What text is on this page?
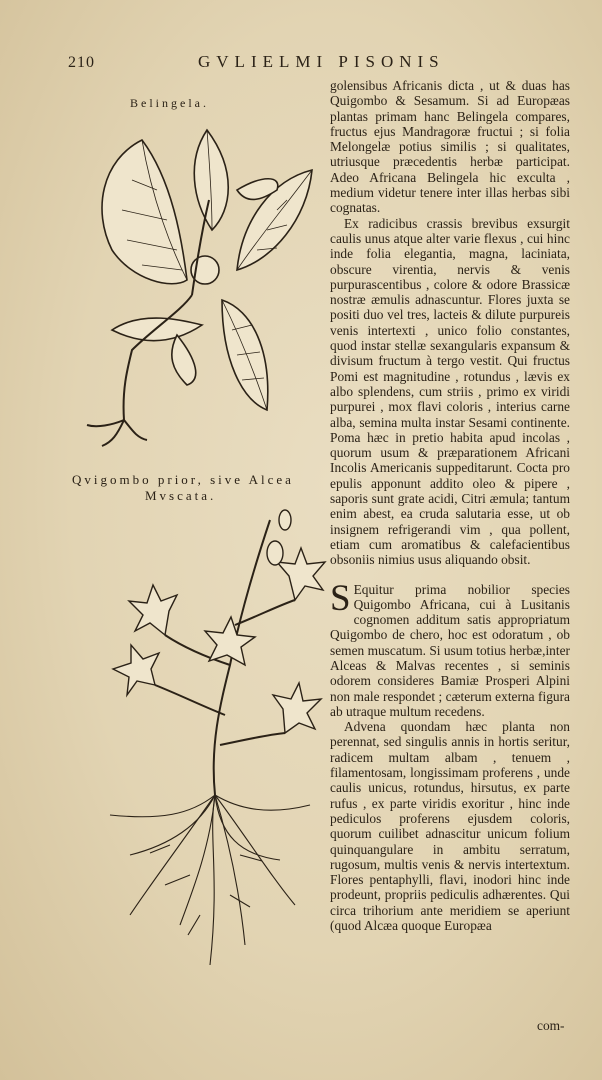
210	GVLIELMI PISONIS
Belingela.
Qvigombo prior, sive Alcea
Mvscata.

golensibus Africanis dicta , ut & duas has Quigombo & Sesamum. Si ad Europæas plantas primam hanc Belingela compares, fructus ejus Mandragoræ fructui ; si folia Melongelæ potius similis ; si qualitates, utriusque præcedentis herbæ participat. Adeo Africana Belingela hic exculta , medium videtur tenere inter illas herbas sibi cognatas.

Ex radicibus crassis brevibus exsurgit caulis unus atque alter varie flexus , cui hinc inde folia elegantia, magna, laciniata, obscure virentia, nervis & venis purpurascentibus , colore & odore Brassicæ nostræ æmulis adnascuntur. Flores juxta se positi duo vel tres, lacteis & dilute purpureis venis intertexti , unico folio constantes, quod instar stellæ sexangularis expansum & divisum fructum à tergo vestit. Qui fructus Pomi est magnitudine , rotundus , lævis ex albo splendens, cum striis , primo ex viridi purpurei , mox flavi coloris , interius carne alba, semina multa instar Sesami continente. Poma hæc in pretio habita apud incolas , quorum usum & præparationem Africani Incolis Americanis suppeditarunt. Cocta pro epulis apponunt addito oleo & pipere , saporis sunt grate acidi, Citri æmula; tantum enim abest, ea cruda salutaria esse, ut ob insignem refrigerandi vim , qua pollent, etiam cum aromatibus & calefacientibus obsoniis nimius usus aliquando obsit.

S Equitur prima nobilior species Quigombo Africana, cui à Lusitanis cognomen additum satis appropriatum Quigombo de chero, hoc est odoratum , ob semen muscatum. Si usum totius herbæ,inter Alceas & Malvas recentes , si seminis odorem consideres Bamiæ Prosperi Alpini non male respondet ; cæterum externa figura ab utraque multum recedens.

Advena quondam hæc planta non perennat, sed singulis annis in hortis seritur, radicem multam albam , tenuem , filamentosam, longissimam proferens , unde caulis unicus, rotundus, hirsutus, ex parte rufus , ex parte viridis exoritur , hinc inde pediculos proferens ejusdem coloris, quorum cuilibet adnascitur unicum folium quinquangulare in ambitu serratum, rugosum, multis venis & nervis intertextum. Flores pentaphylli, flavi, inodori hinc inde prodeunt, propriis pediculis adhærentes. Qui circa trihorium ante meridiem se aperiunt (quod Alcæa quoque Europæa

com-
